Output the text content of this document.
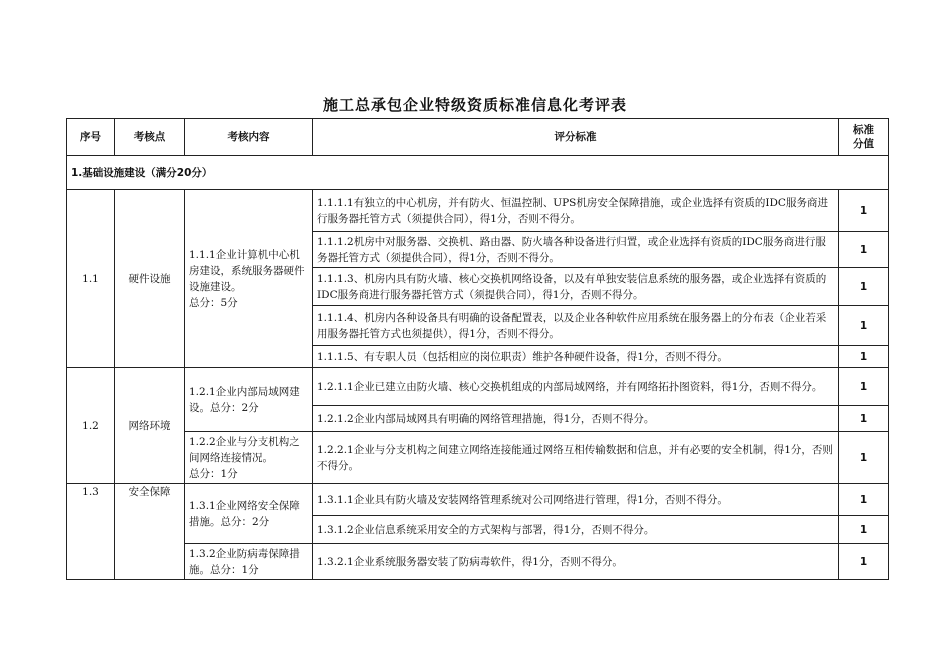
施工总承包企业特级资质标准信息化考评表
序号	考核点	考核内容	评分标准	标准
分值

1.基础设施建设（满分20分）				
1.1	硬件设施	1.1.1企业计算机中心机房建设，系统服务器硬件设施建设。
总分：5分	1.1.1.1有独立的中心机房，并有防火、恒温控制、UPS机房安全保障措施，或企业选择有资质的IDC服务商进行服务器托管方式（须提供合同），得1分，否则不得分。	1
			1.1.1.2机房中对服务器、交换机、路由器、防火墙各种设备进行归置，或企业选择有资质的IDC服务商进行服务器托管方式（须提供合同），得1分，否则不得分。	1
			1.1.1.3、机房内具有防火墙、核心交换机网络设备，以及有单独安装信息系统的服务器，或企业选择有资质的IDC服务商进行服务器托管方式（须提供合同），得1分，否则不得分。	1
			1.1.1.4、机房内各种设备具有明确的设备配置表，以及企业各种软件应用系统在服务器上的分布表（企业若采用服务器托管方式也须提供），得1分，否则不得分。	1
			1.1.1.5、有专职人员（包括相应的岗位职责）维护各种硬件设备，得1分，否则不得分。	1
1.2	网络环境	1.2.1企业内部局域网建设。总分：2分	1.2.1.1企业已建立由防火墙、核心交换机组成的内部局域网络，并有网络拓扑图资料，得1分，否则不得分。	1
			1.2.1.2企业内部局域网具有明确的网络管理措施，得1分，否则不得分。	1
		1.2.2企业与分支机构之间网络连接情况。
总分：1分	1.2.2.1企业与分支机构之间建立网络连接能通过网络互相传输数据和信息，并有必要的安全机制，得1分，否则不得分。	1
1.3	安全保障	1.3.1企业网络安全保障措施。总分：2分	1.3.1.1企业具有防火墙及安装网络管理系统对公司网络进行管理，得1分，否则不得分。	1
			1.3.1.2企业信息系统采用安全的方式架构与部署，得1分，否则不得分。	1
		1.3.2企业防病毒保障措施。总分：1分	1.3.2.1企业系统服务器安装了防病毒软件，得1分，否则不得分。	1
